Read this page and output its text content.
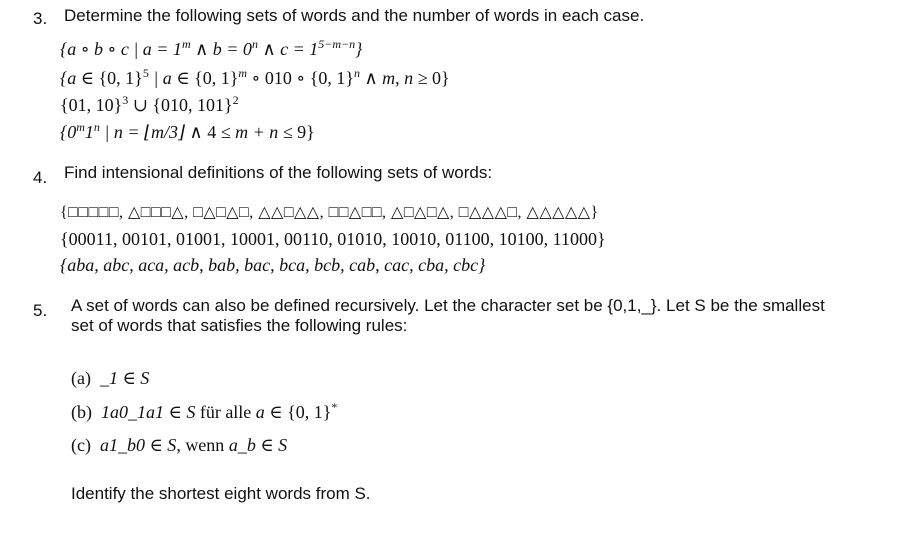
3. Determine the following sets of words and the number of words in each case.
{a ∘ b ∘ c | $a = 1^m$ ∧ $b = 0^n$ ∧ $c = 1^{5-m-n}$}
{a ∈ {0, 1}$^5$ | a ∈ {0, 1}$^m$ ∘ 010 ∘ {0, 1}$^n$ ∧ m, n ≥ 0}
{01, 10}$^3$ ∪ {010, 101}$^2$
{0$^m$1$^n$ | n = ⌊m/3⌋ ∧ 4 ≤ m + n ≤ 9}
4. Find intensional definitions of the following sets of words:
{□□□□□, △□□□△, □△□△□, △△□△△, □□△□□, △□△□△, □△△△□, △△△△△}
{00011, 00101, 01001, 10001, 00110, 01010, 10010, 01100, 10100, 11000}
{aba, abc, aca, acb, bab, bac, bca, bcb, cab, cac, cba, cbc}
5. A set of words can also be defined recursively. Let the character set be {0,1,_}. Let S be the smallest
set of words that satisfies the following rules:
(a)  _1 ∈ S
(b)  1a0_1a1 ∈ S für alle a ∈ {0, 1}*
(c)  a1_b0 ∈ S, wenn a_b ∈ S
Identify the shortest eight words from S.
